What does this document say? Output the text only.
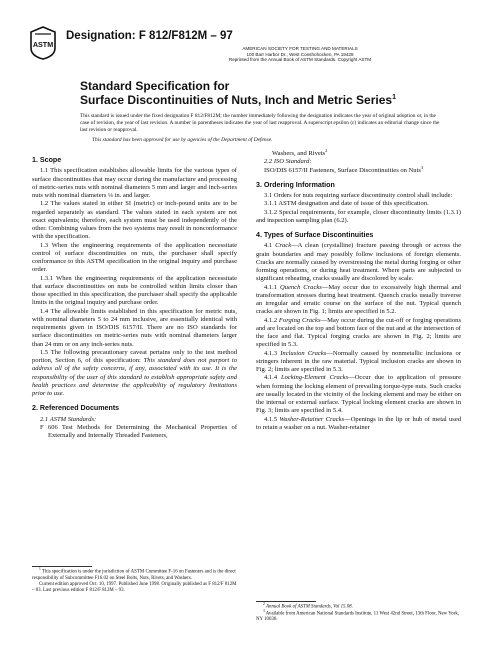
ASTM
Designation: F 812/F812M – 97
AMERICAN SOCIETY FOR TESTING AND MATERIALS
100 Barr Harbor Dr., West Conshohocken, PA 19428
Reprinted from the Annual Book of ASTM Standards. Copyright ASTM
Standard Specification for
Surface Discontinuities of Nuts, Inch and Metric Series$^1$
This standard is issued under the fixed designation F 812/F812M; the number immediately following the designation indicates the year of original adoption or, in the case of revision, the year of last revision. A number in parentheses indicates the year of last reapproval. A superscript epsilon (ε) indicates an editorial change since the last revision or reapproval.
This standard has been approved for use by agencies of the Department of Defense.
1. Scope

1.1 This specification establishes allowable limits for the various types of surface discontinuities that may occur during the manufacture and processing of metric-series nuts with nominal diameters 5 mm and larger and inch-series nuts with nominal diameters ¼ in. and larger.

1.2 The values stated in either SI (metric) or inch-pound units are to be regarded separately as standard. The values stated in each system are not exact equivalents; therefore, each system must be used independently of the other. Combining values from the two systems may result in nonconformance with the specification.

1.3 When the engineering requirements of the application necessitate control of surface discontinuities on nuts, the purchaser shall specify conformance to this ASTM specification in the original inquiry and purchase order.

1.3.1 When the engineering requirements of the application necessitate that surface discontinuities on nuts be controlled within limits closer than those specified in this specification, the purchaser shall specify the applicable limits in the original inquiry and purchase order.

1.4 The allowable limits established in this specification for metric nuts, with nominal diameters 5 to 24 mm inclusive, are essentially identical with requirements given in ISO/DIS 6157/II. There are no ISO standards for surface discontinuities on metric-series nuts with nominal diameters larger than 24 mm or on any inch-series nuts.

1.5 The following precautionary caveat pertains only to the test method portion, Section 6, of this specification: This standard does not purport to address all of the safety concerns, if any, associated with its use. It is the responsibility of the user of this standard to establish appropriate safety and health practices and determine the applicability of regulatory limitations prior to use.

2. Referenced Documents

2.1 ASTM Standards:

F 606 Test Methods for Determining the Mechanical Properties of Externally and Internally Threaded Fasteners,

$^1$ This specification is under the jurisdiction of ASTM Committee F-16 on Fasteners and is the direct responsibility of Subcommittee F16.02 on Steel Bolts, Nuts, Rivets, and Washers.

Current edition approved Oct. 10, 1997. Published June 1998. Originally published as F 812/F 812M – 83. Last previous edition F 812/F 812M – 93.

Washers, and Rivets$^2$

2.2 ISO Standard:

ISO/DIS 6157/II Fasteners, Surface Discontinuities on Nuts$^3$

3. Ordering Information

3.1 Orders for nuts requiring surface discontinuity control shall include:

3.1.1 ASTM designation and date of issue of this specification.

3.1.2 Special requirements, for example, closer discontinuity limits (1.3.1) and inspection sampling plan (6.2).

4. Types of Surface Discontinuities

4.1 Crack—A clean (crystalline) fracture passing through or across the grain boundaries and may possibly follow inclusions of foreign elements. Cracks are normally caused by overstressing the metal during forging or other forming operations, or during heat treatment. Where parts are subjected to significant reheating, cracks usually are discolored by scale.

4.1.1 Quench Cracks—May occur due to excessively high thermal and transformation stresses during heat treatment. Quench cracks usually traverse an irregular and erratic course on the surface of the nut. Typical quench cracks are shown in Fig. 1; limits are specified in 5.2.

4.1.2 Forging Cracks—May occur during the cut-off or forging operations and are located on the top and bottom face of the nut and at the intersection of the face and flat. Typical forging cracks are shown in Fig. 2; limits are specified in 5.3.

4.1.3 Inclusion Cracks—Normally caused by nonmetallic inclusions or stringers inherent in the raw material. Typical inclusion cracks are shown in Fig. 2; limits are specified in 5.3.

4.1.4 Locking-Element Cracks—Occur due to application of pressure when forming the locking element of prevailing torque-type nuts. Such cracks are usually located in the vicinity of the locking element and may be either on the internal or external surface. Typical locking element cracks are shown in Fig. 3; limits are specified in 5.4.

4.1.5 Washer-Retainer Cracks—Openings in the lip or hub of metal used to retain a washer on a nut. Washer-retainer

$^2$ Annual Book of ASTM Standards, Vol 15.08.

$^3$ Available from American National Standards Institute, 11 West 42nd Street, 13th Floor, New York, NY 10036.
